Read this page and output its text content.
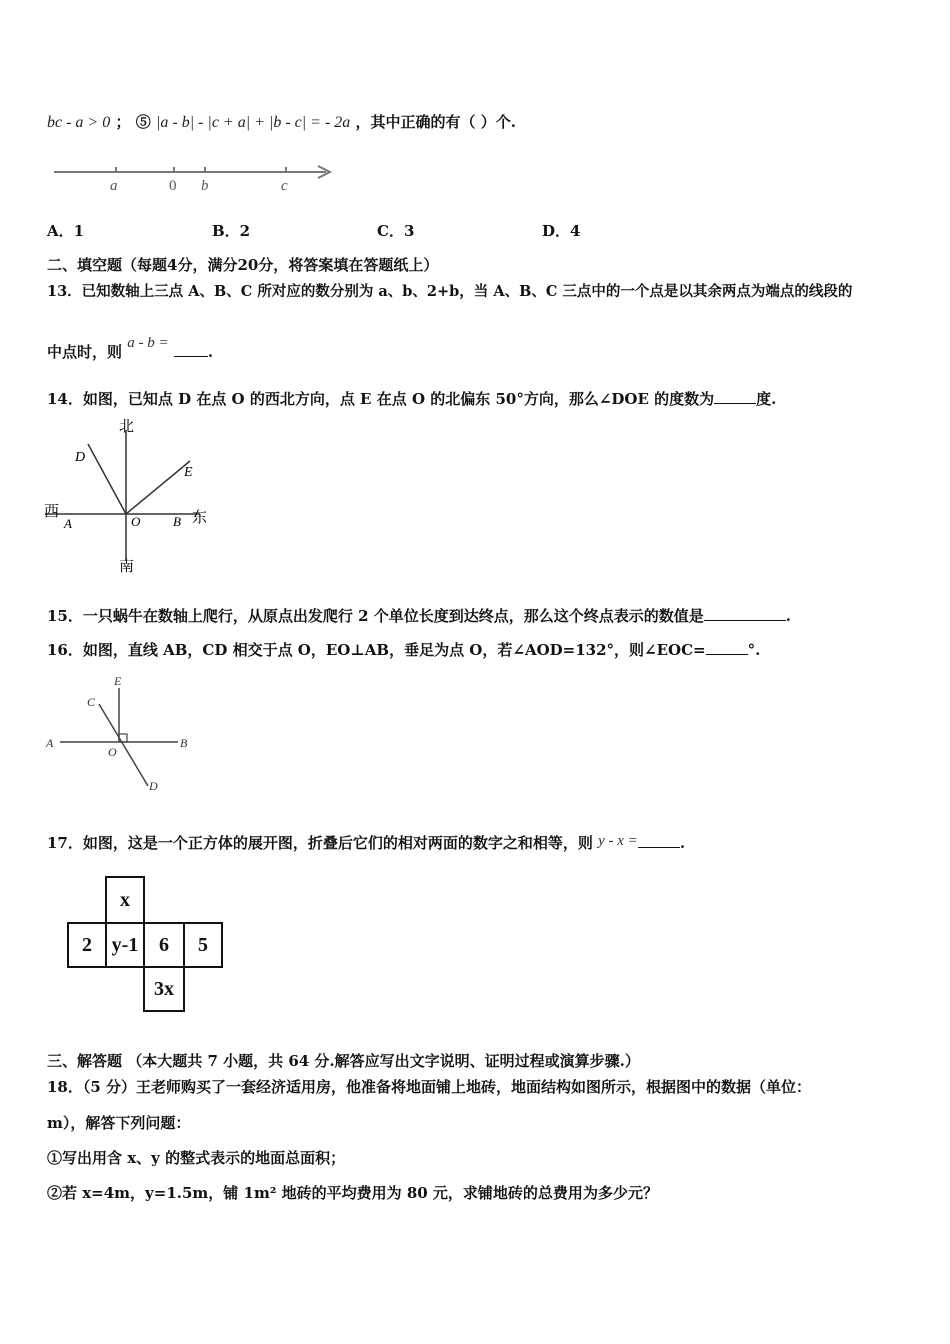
bc - a > 0 ； ⑤ |a - b| - |c + a| + |b - c| = - 2a ，其中正确的有（ ）个.
a	0 b	c
A．1	B．2	C．3	D．4
二、填空题（每题4分，满分20分，将答案填在答题纸上）
13．已知数轴上三点 A、B、C 所对应的数分别为 a、b、2+b，当 A、B、C 三点中的一个点是以其余两点为端点的线段的
中点时，则 a - b =	.
14．如图，已知点 D 在点 O 的西北方向，点 E 在点 O 的北偏东 50°方向，那么∠DOE 的度数为	度.
北
南
西	东
A	B
O
D
E
15．一只蜗牛在数轴上爬行，从原点出发爬行 2 个单位长度到达终点，那么这个终点表示的数值是	.
16．如图，直线 AB，CD 相交于点 O，EO⊥AB，垂足为点 O，若∠AOD=132°，则∠EOC=	°.
A	B
C
D
E
O
17．如图，这是一个正方体的展开图，折叠后它们的相对两面的数字之和相等，则 y - x =	.
x
2 y-1	6	5
3x
三、解答题 （本大题共 7 小题，共 64 分.解答应写出文字说明、证明过程或演算步骤.）
18．（5 分）王老师购买了一套经济适用房，他准备将地面铺上地砖，地面结构如图所示，根据图中的数据（单位：
m），解答下列问题：
①写出用含 x、y 的整式表示的地面总面积；
②若 x=4m，y=1.5m，铺 1m² 地砖的平均费用为 80 元，求铺地砖的总费用为多少元？
